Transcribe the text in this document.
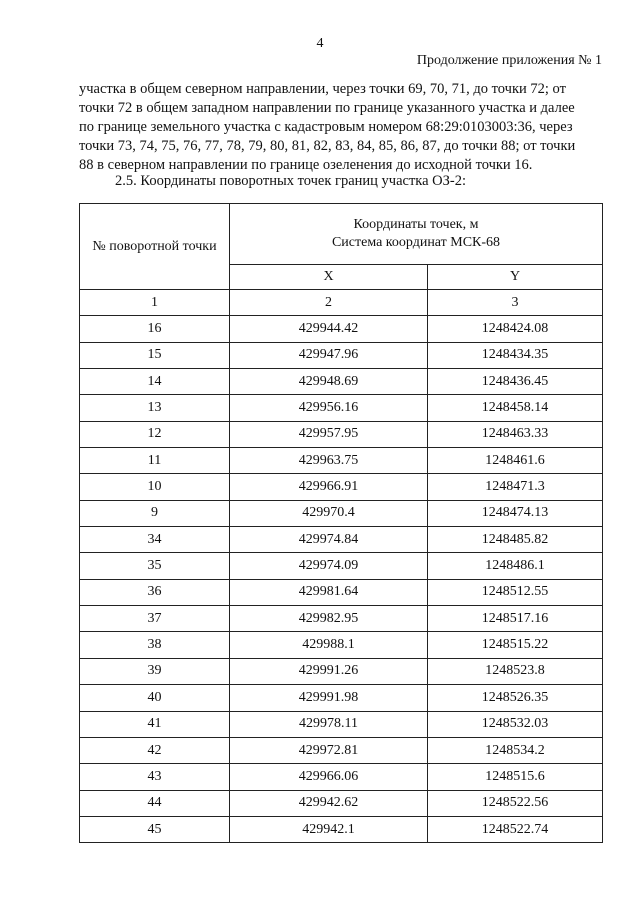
4
Продолжение приложения № 1

участка в общем северном направлении, через точки 69, 70, 71, до точки 72; от

точки 72 в общем западном направлении по границе указанного участка и далее

по границе земельного участка с кадастровым номером 68:29:0103003:36, через

точки 73, 74, 75, 76, 77, 78, 79, 80, 81, 82, 83, 84, 85, 86, 87, до точки 88; от точки

88 в северном направлении по границе озеленения до исходной точки 16.

2.5. Координаты поворотных точек границ участка ОЗ-2:
№ поворотной точки	Координаты точек, м
Система координат МСК-68	

	X	Y
1	2	3
16	429944.42	1248424.08
15	429947.96	1248434.35
14	429948.69	1248436.45
13	429956.16	1248458.14
12	429957.95	1248463.33
11	429963.75	1248461.6
10	429966.91	1248471.3
9	429970.4	1248474.13
34	429974.84	1248485.82
35	429974.09	1248486.1
36	429981.64	1248512.55
37	429982.95	1248517.16
38	429988.1	1248515.22
39	429991.26	1248523.8
40	429991.98	1248526.35
41	429978.11	1248532.03
42	429972.81	1248534.2
43	429966.06	1248515.6
44	429942.62	1248522.56
45	429942.1	1248522.74
